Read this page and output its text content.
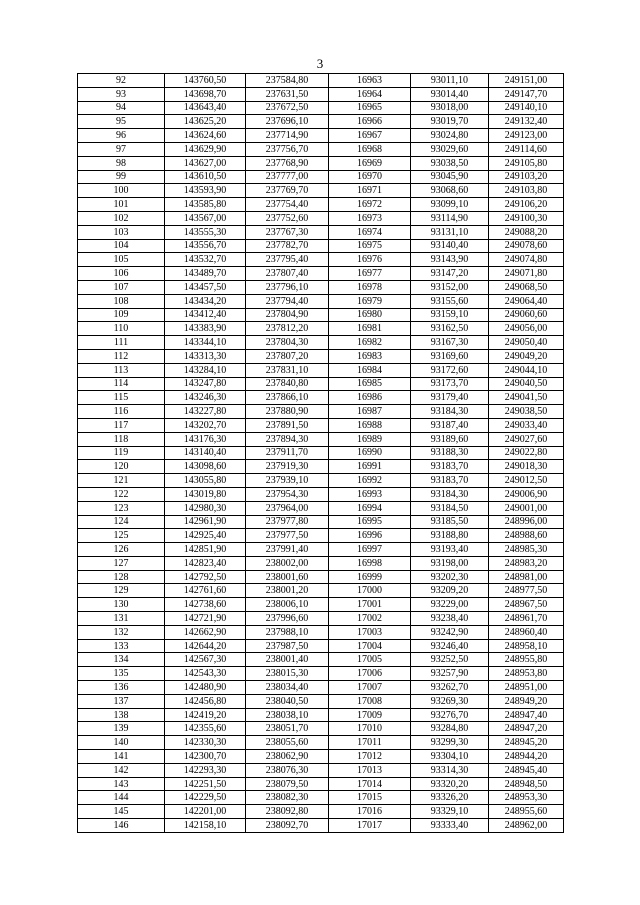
3
92	143760,50	237584,80	16963	93011,10	249151,00
93	143698,70	237631,50	16964	93014,40	249147,70
94	143643,40	237672,50	16965	93018,00	249140,10
95	143625,20	237696,10	16966	93019,70	249132,40
96	143624,60	237714,90	16967	93024,80	249123,00
97	143629,90	237756,70	16968	93029,60	249114,60
98	143627,00	237768,90	16969	93038,50	249105,80
99	143610,50	237777,00	16970	93045,90	249103,20
100	143593,90	237769,70	16971	93068,60	249103,80
101	143585,80	237754,40	16972	93099,10	249106,20
102	143567,00	237752,60	16973	93114,90	249100,30
103	143555,30	237767,30	16974	93131,10	249088,20
104	143556,70	237782,70	16975	93140,40	249078,60
105	143532,70	237795,40	16976	93143,90	249074,80
106	143489,70	237807,40	16977	93147,20	249071,80
107	143457,50	237796,10	16978	93152,00	249068,50
108	143434,20	237794,40	16979	93155,60	249064,40
109	143412,40	237804,90	16980	93159,10	249060,60
110	143383,90	237812,20	16981	93162,50	249056,00
111	143344,10	237804,30	16982	93167,30	249050,40
112	143313,30	237807,20	16983	93169,60	249049,20
113	143284,10	237831,10	16984	93172,60	249044,10
114	143247,80	237840,80	16985	93173,70	249040,50
115	143246,30	237866,10	16986	93179,40	249041,50
116	143227,80	237880,90	16987	93184,30	249038,50
117	143202,70	237891,50	16988	93187,40	249033,40
118	143176,30	237894,30	16989	93189,60	249027,60
119	143140,40	237911,70	16990	93188,30	249022,80
120	143098,60	237919,30	16991	93183,70	249018,30
121	143055,80	237939,10	16992	93183,70	249012,50
122	143019,80	237954,30	16993	93184,30	249006,90
123	142980,30	237964,00	16994	93184,50	249001,00
124	142961,90	237977,80	16995	93185,50	248996,00
125	142925,40	237977,50	16996	93188,80	248988,60
126	142851,90	237991,40	16997	93193,40	248985,30
127	142823,40	238002,00	16998	93198,00	248983,20
128	142792,50	238001,60	16999	93202,30	248981,00
129	142761,60	238001,20	17000	93209,20	248977,50
130	142738,60	238006,10	17001	93229,00	248967,50
131	142721,90	237996,60	17002	93238,40	248961,70
132	142662,90	237988,10	17003	93242,90	248960,40
133	142644,20	237987,50	17004	93246,40	248958,10
134	142567,30	238001,40	17005	93252,50	248955,80
135	142543,30	238015,30	17006	93257,90	248953,80
136	142480,90	238034,40	17007	93262,70	248951,00
137	142456,80	238040,50	17008	93269,30	248949,20
138	142419,20	238038,10	17009	93276,70	248947,40
139	142355,60	238051,70	17010	93284,80	248947,20
140	142330,30	238055,60	17011	93299,30	248945,20
141	142300,70	238062,90	17012	93304,10	248944,20
142	142293,30	238076,30	17013	93314,30	248945,40
143	142251,50	238079,50	17014	93320,20	248948,50
144	142229,50	238082,30	17015	93326,20	248953,30
145	142201,00	238092,80	17016	93329,10	248955,60
146	142158,10	238092,70	17017	93333,40	248962,00
